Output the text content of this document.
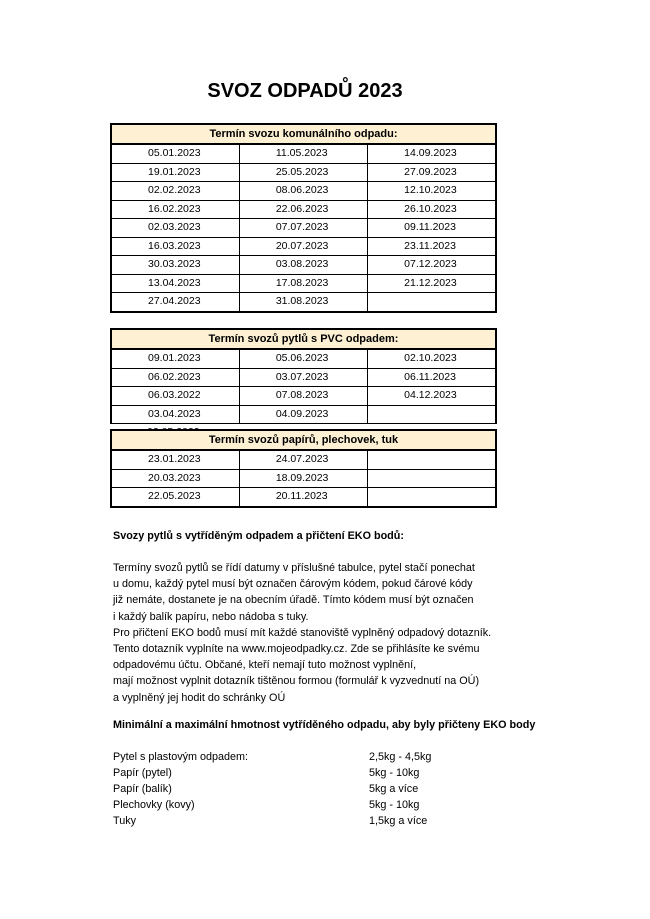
SVOZ ODPADŮ 2023
Termín svozu komunálního odpadu:		
05.01.2023	11.05.2023	14.09.2023
19.01.2023	25.05.2023	27.09.2023
02.02.2023	08.06.2023	12.10.2023
16.02.2023	22.06.2023	26.10.2023
02.03.2023	07.07.2023	09.11.2023
16.03.2023	20.07.2023	23.11.2023
30.03.2023	03.08.2023	07.12.2023
13.04.2023	17.08.2023	21.12.2023
27.04.2023	31.08.2023	
Termín svozů pytlů s PVC odpadem:		
09.01.2023	05.06.2023	02.10.2023
06.02.2023	03.07.2023	06.11.2023
06.03.2022	07.08.2023	04.12.2023
03.04.2023	04.09.2023	

Termín svozů papírů, plechovek, tuk		
23.01.2023	24.07.2023	
20.03.2023	18.09.2023	
22.05.2023	20.11.2023	
Svozy pytlů s vytříděným odpadem a přičtení EKO bodů:
Termíny svozů pytlů se řídí datumy v příslušné tabulce, pytel stačí ponechat
u domu, každý pytel musí být označen čárovým kódem, pokud čárové kódy
již nemáte, dostanete je na obecním úřadě. Tímto kódem musí být označen
i každý balík papíru, nebo nádoba s tuky.
Pro přičtení EKO bodů musí mít každé stanoviště vyplněný odpadový dotazník.
Tento dotazník vyplníte na www.mojeodpadky.cz. Zde se přihlásíte ke svému
odpadovému účtu. Občané, kteří nemají tuto možnost vyplnění,
mají možnost vyplnit dotazník tištěnou formou (formulář k vyzvednutí na OÚ)
a vyplněný jej hodit do schránky OÚ
Minimální a maximální hmotnost vytříděného odpadu, aby byly přičteny EKO body
Pytel s plastovým odpadem:	2,5kg - 4,5kg
Papír (pytel)	5kg - 10kg
Papír (balík)	5kg a více
Plechovky (kovy)	5kg - 10kg
Tuky	1,5kg a více
